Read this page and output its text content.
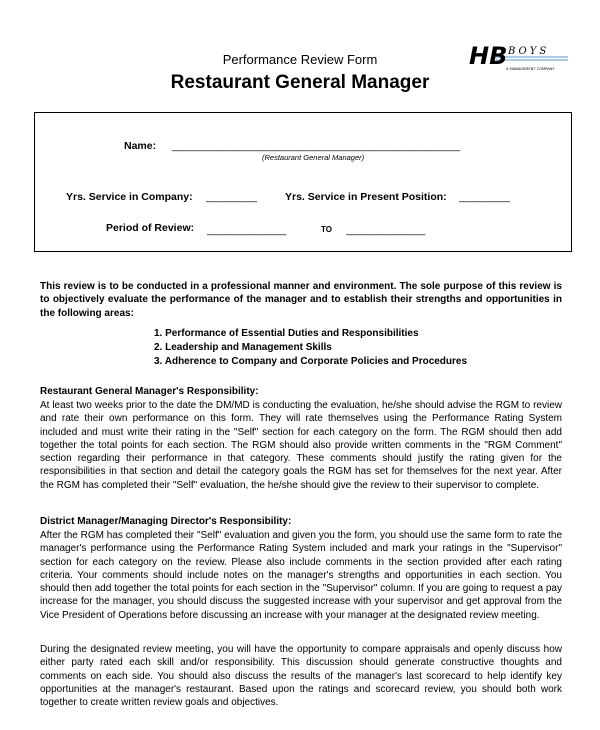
Performance Review Form
Restaurant General Manager
HB BOYS
A MANAGEMENT COMPANY
Name: ___________________________________________________
(Restaurant General Manager)
Yrs. Service in Company: _________	Yrs. Service in Present Position: _________
Period of Review: ______________	TO ______________
This review is to be conducted in a professional manner and environment. The sole purpose of this review is to objectively evaluate the performance of the manager and to establish their strengths and opportunities in the following areas:
1. Performance of Essential Duties and Responsibilities
2. Leadership and Management Skills
3. Adherence to Company and Corporate Policies and Procedures
Restaurant General Manager's Responsibility:
At least two weeks prior to the date the DM/MD is conducting the evaluation, he/she should advise the RGM to review and rate their own performance on this form. They will rate themselves using the Performance Rating System included and must write their rating in the "Self" section for each category on the form. The RGM should then add together the total points for each section. The RGM should also provide written comments in the "RGM Comment" section regarding their performance in that category. These comments should justify the rating given for the responsibilities in that section and detail the category goals the RGM has set for themselves for the next year. After the RGM has completed their "Self" evaluation, the he/she should give the review to their supervisor to complete.
District Manager/Managing Director's Responsibility:
After the RGM has completed their "Self" evaluation and given you the form, you should use the same form to rate the manager's performance using the Performance Rating System included and mark your ratings in the "Supervisor" section for each category on the review. Please also include comments in the section provided after each rating criteria. Your comments should include notes on the manager's strengths and opportunities in each section. You should then add together the total points for each section in the "Supervisor" column. If you are going to request a pay increase for the manager, you should discuss the suggested increase with your supervisor and get approval from the Vice President of Operations before discussing an increase with your manager at the designated review meeting.
During the designated review meeting, you will have the opportunity to compare appraisals and openly discuss how either party rated each skill and/or responsibility. This discussion should generate constructive thoughts and comments on each side. You should also discuss the results of the manager's last scorecard to help identify key opportunities at the manager's restaurant. Based upon the ratings and scorecard review, you should both work together to create written review goals and objectives.
